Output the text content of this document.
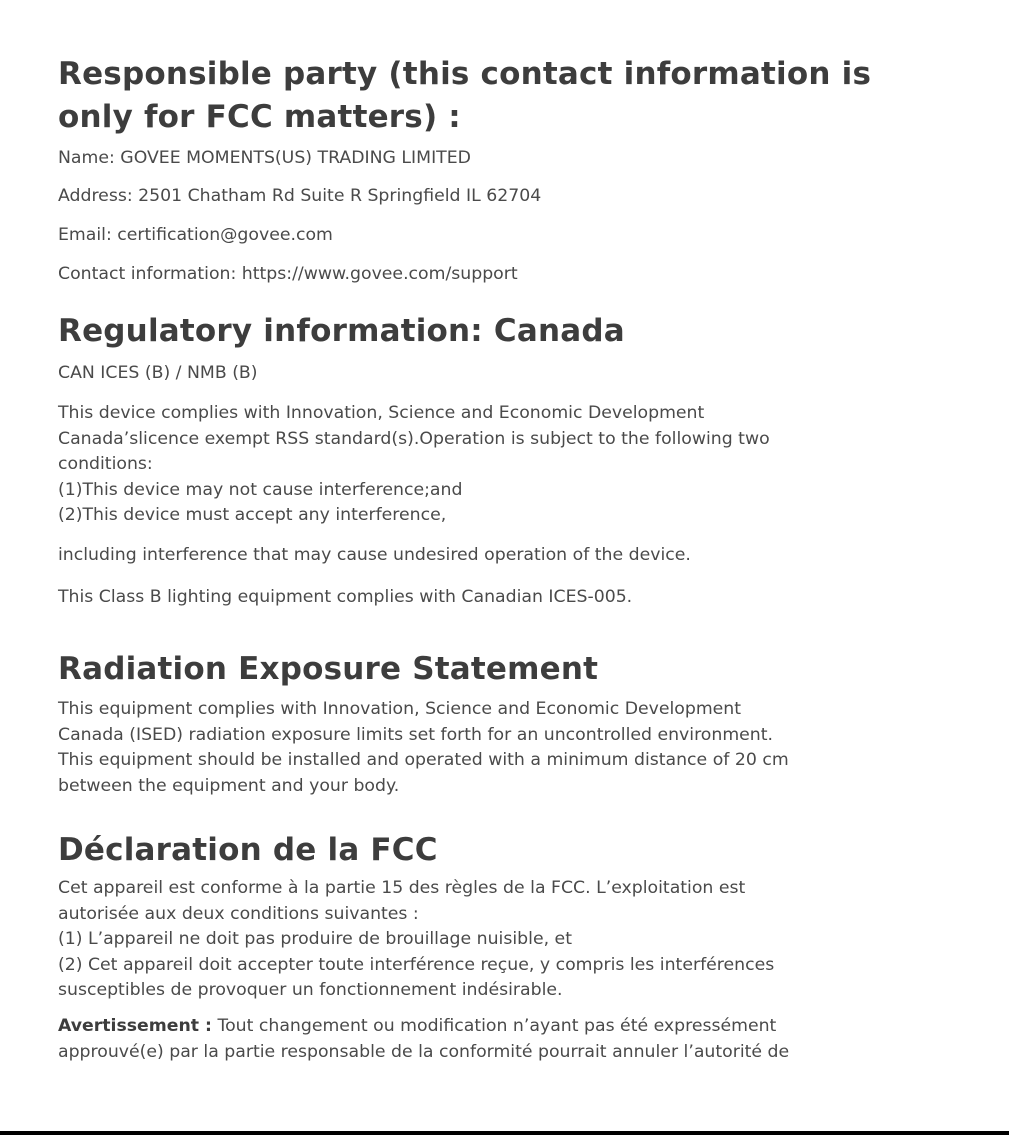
Responsible party (this contact information is
only for FCC matters) :

Name: GOVEE MOMENTS(US) TRADING LIMITED

Address: 2501 Chatham Rd Suite R Springfield IL 62704

Email: certification@govee.com

Contact information: https://www.govee.com/support

Regulatory information: Canada

CAN ICES (B) / NMB (B)

This device complies with Innovation, Science and Economic Development

Canada’slicence exempt RSS standard(s).Operation is subject to the following two

conditions:

(1)This device may not cause interference;and

(2)This device must accept any interference,

including interference that may cause undesired operation of the device.

This Class B lighting equipment complies with Canadian ICES-005.

Radiation Exposure Statement

This equipment complies with Innovation, Science and Economic Development

Canada (ISED) radiation exposure limits set forth for an uncontrolled environment.

This equipment should be installed and operated with a minimum distance of 20 cm

between the equipment and your body.

Déclaration de la FCC

Cet appareil est conforme à la partie 15 des règles de la FCC. L’exploitation est

autorisée aux deux conditions suivantes :

(1) L’appareil ne doit pas produire de brouillage nuisible, et

(2) Cet appareil doit accepter toute interférence reçue, y compris les interférences

susceptibles de provoquer un fonctionnement indésirable.

Avertissement : Tout changement ou modification n’ayant pas été expressément

approuvé(e) par la partie responsable de la conformité pourrait annuler l’autorité de
